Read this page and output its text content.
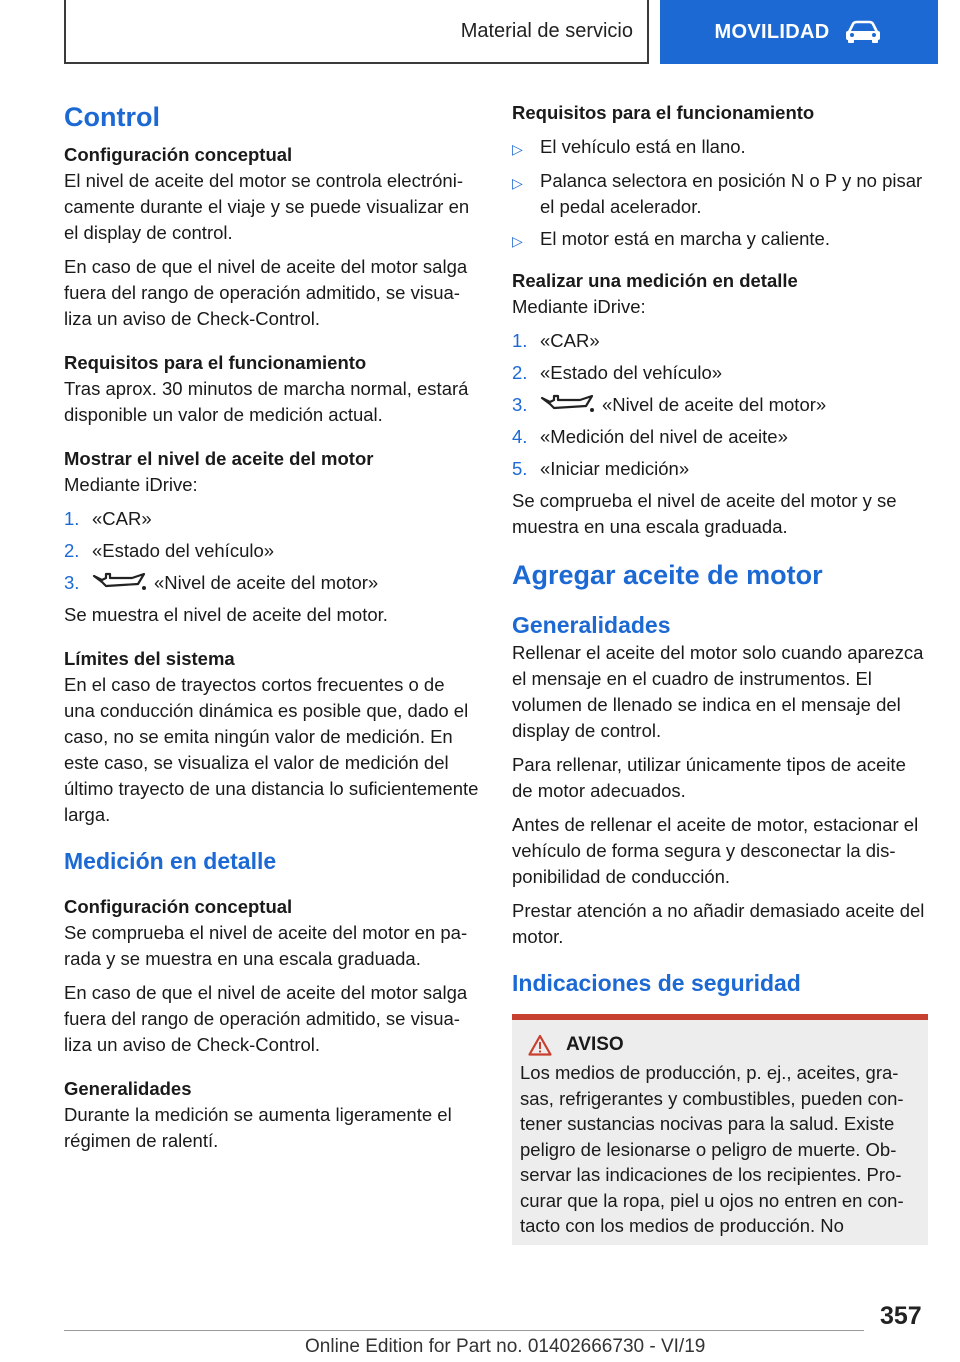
Material de servicio	MOVILIDAD
Control
Configuración conceptual

El nivel de aceite del motor se controla electrónicamente durante el viaje y se puede visualizar en el display de control.

En caso de que el nivel de aceite del motor salga fuera del rango de operación admitido, se visualiza un aviso de Check-Control.

Requisitos para el funcionamiento

Tras aprox. 30 minutos de marcha normal, estará disponible un valor de medición actual.

Mostrar el nivel de aceite del motor

Mediante iDrive:

1. «CAR»
2. «Estado del vehículo»
3.	«Nivel de aceite del motor»

Se muestra el nivel de aceite del motor.

Límites del sistema

En el caso de trayectos cortos frecuentes o de una conducción dinámica es posible que, dado el caso, no se emita ningún valor de medición. En este caso, se visualiza el valor de medición del último trayecto de una distancia lo suficientemente larga.

Medición en detalle
Configuración conceptual

Se comprueba el nivel de aceite del motor en parada y se muestra en una escala graduada.

En caso de que el nivel de aceite del motor salga fuera del rango de operación admitido, se visualiza un aviso de Check-Control.

Generalidades

Durante la medición se aumenta ligeramente el régimen de ralentí.

Requisitos para el funcionamiento
▷ El vehículo está en llano.
▷ Palanca selectora en posición N o P y no pisar el pedal acelerador.
▷ El motor está en marcha y caliente.
Realizar una medición en detalle

Mediante iDrive:

1. «CAR»
2. «Estado del vehículo»
3.	«Nivel de aceite del motor»
4. «Medición del nivel de aceite»
5. «Iniciar medición»

Se comprueba el nivel de aceite del motor y se muestra en una escala graduada.

Agregar aceite de motor
Generalidades

Rellenar el aceite del motor solo cuando aparezca el mensaje en el cuadro de instrumentos. El volumen de llenado se indica en el mensaje del display de control.

Para rellenar, utilizar únicamente tipos de aceite de motor adecuados.

Antes de rellenar el aceite de motor, estacionar el vehículo de forma segura y desconectar la disponibilidad de conducción.

Prestar atención a no añadir demasiado aceite del motor.

Indicaciones de seguridad
AVISO

Los medios de producción, p. ej., aceites, grasas, refrigerantes y combustibles, pueden contener sustancias nocivas para la salud. Existe peligro de lesionarse o peligro de muerte. Observar las indicaciones de los recipientes. Procurar que la ropa, piel u ojos no entren en contacto con los medios de producción. No

357
Online Edition for Part no. 01402666730 - VI/19
